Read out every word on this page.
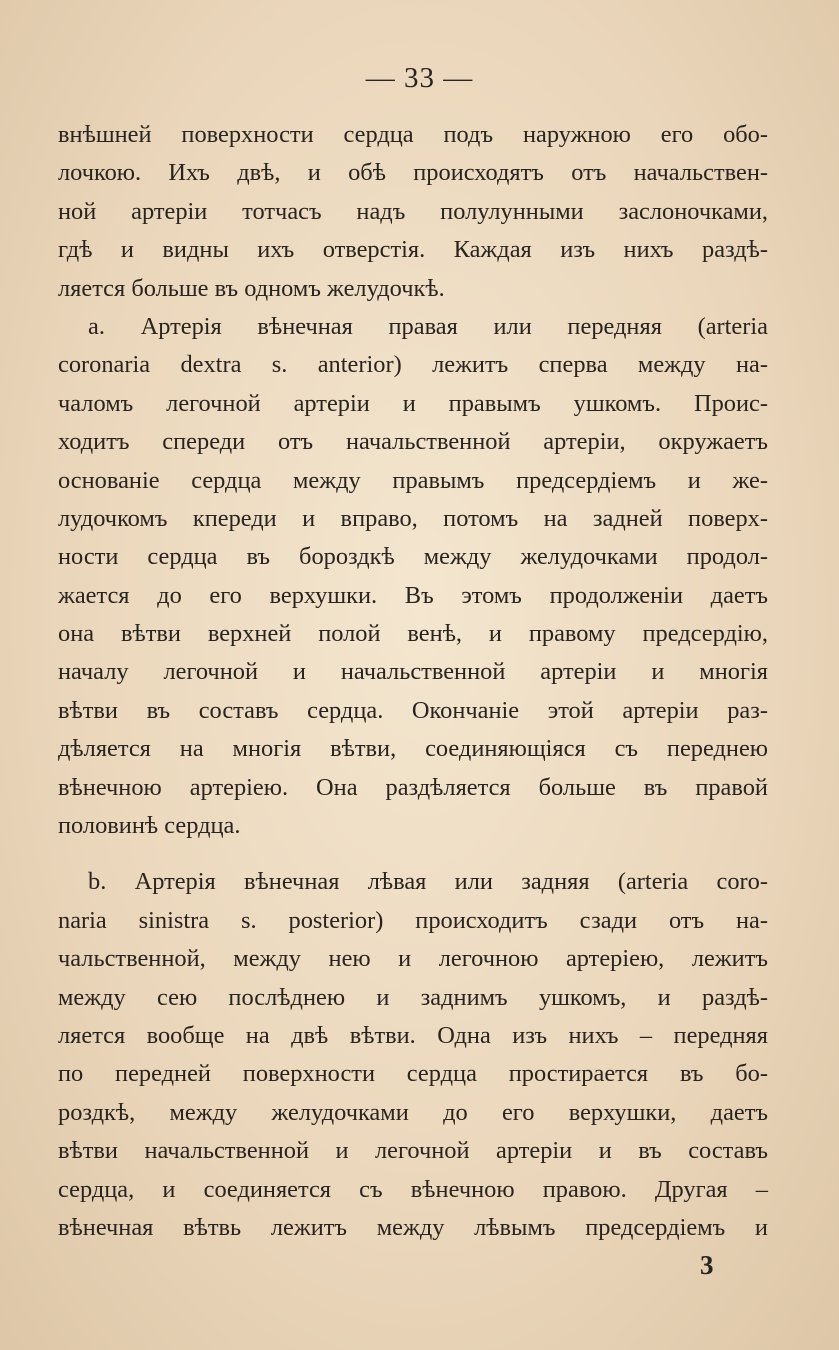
— 33 —
внѣшней поверхности сердца подъ наружною его обо-
лочкою. Ихъ двѣ, и обѣ происходятъ отъ начальствен-
ной артеріи тотчасъ надъ полулунными заслоночками,
гдѣ и видны ихъ отверстія. Каждая изъ нихъ раздѣ-
ляется больше въ одномъ желудочкѣ.
a. Артерія вѣнечная правая или передняя (arteria
coronaria dextra s. anterior) лежитъ сперва между на-
чаломъ легочной артеріи и правымъ ушкомъ. Проис-
ходитъ спереди отъ начальственной артеріи, окружаетъ
основаніе сердца между правымъ предсердіемъ и же-
лудочкомъ кпереди и вправо, потомъ на задней поверх-
ности сердца въ бороздкѣ между желудочками продол-
жается до его верхушки. Въ этомъ продолженіи даетъ
она вѣтви верхней полой венѣ, и правому предсердію,
началу легочной и начальственной артеріи и многія
вѣтви въ составъ сердца. Окончаніе этой артеріи раз-
дѣляется на многія вѣтви, соединяющіяся съ переднею
вѣнечною артеріею. Она раздѣляется больше въ правой
половинѣ сердца.
b. Артерія вѣнечная лѣвая или задняя (arteria coro-
naria sinistra s. posterior) происходитъ сзади отъ на-
чальственной, между нею и легочною артеріею, лежитъ
между сею послѣднею и заднимъ ушкомъ, и раздѣ-
ляется вообще на двѣ вѣтви. Одна изъ нихъ – передняя
по передней поверхности сердца простирается въ бо-
роздкѣ, между желудочками до его верхушки, даетъ
вѣтви начальственной и легочной артеріи и въ составъ
сердца, и соединяется съ вѣнечною правою. Другая –
вѣнечная вѣтвь лежитъ между лѣвымъ предсердіемъ и
3
